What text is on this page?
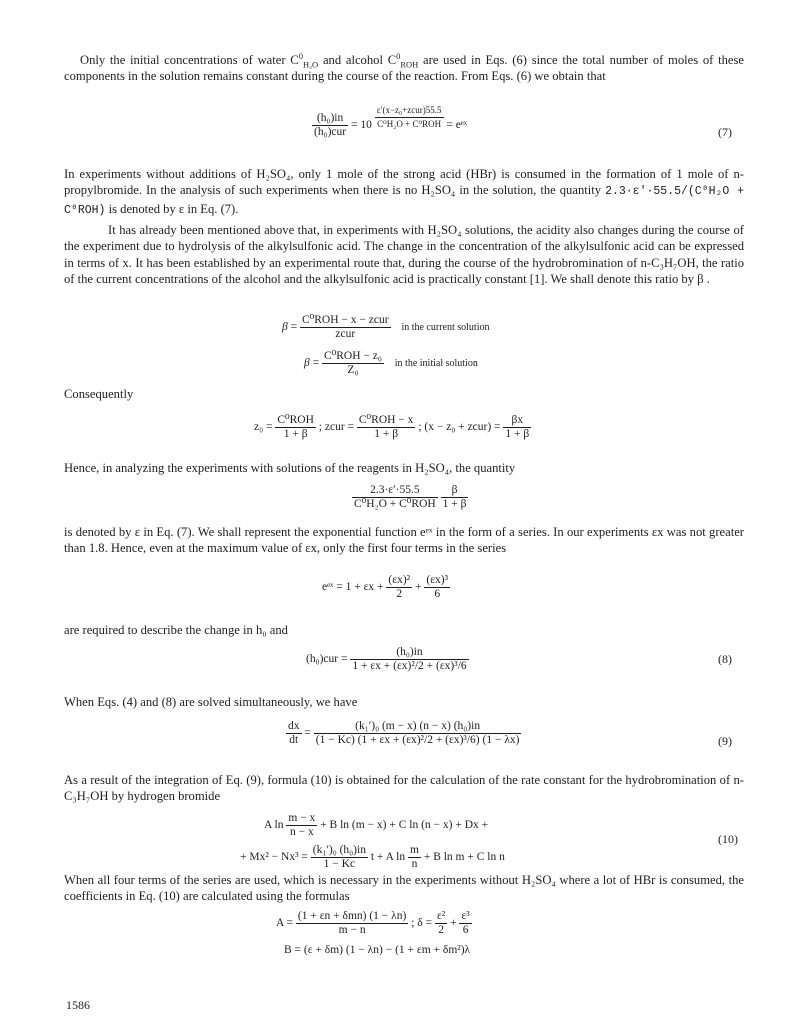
Only the initial concentrations of water $C^0_{H_2O}$ and alcohol $C^0_{ROH}$ are used in Eqs. (6) since the total number of moles of these components in the solution remains constant during the course of the reaction. From Eqs. (6) we obtain that
$\frac{\text{(h₀)in}}{\text{(h₀)cur}} = 10 \frac{\text{ε′(x−z₀+zcur)55.5}}{\text{C⁰H₂O + C⁰ROH}}$ = eᵉˣ	(7)
In experiments without additions of H₂SO₄, only 1 mole of the strong acid (HBr) is consumed in the formation of 1 mole of n-propylbromide. In the analysis of such experiments when there is no H₂SO₄ in the solution, the quantity 2.3·ε′·55.5/(C⁰H₂O + C⁰ROH) is denoted by ε in Eq. (7).
It has already been mentioned above that, in experiments with H₂SO₄ solutions, the acidity also changes during the course of the experiment due to hydrolysis of the alkylsulfonic acid. The change in the concentration of the alkylsulfonic acid can be expressed in terms of x. It has been established by an experimental route that, during the course of the hydrobromination of n-C₃H₇OH, the ratio of the current concentrations of the alcohol and the alkylsulfonic acid is practically constant [1]. We shall denote this ratio by β .
$\beta = \frac{\text{C⁰ROH − x − zcur}}{\text{zcur}}$ in the current solution
$\beta = \frac{\text{C⁰ROH − z₀}}{\text{Z₀}}$ in the initial solution
Consequently
$z_0 = \frac{\text{C⁰ROH}}{1 + \beta}$ ; zcur = $\frac{\text{C⁰ROH − x}}{1 + \beta}$ ; (x − z₀ + zcur) = $\frac{\beta x}{1 + \beta}$
Hence, in analyzing the experiments with solutions of the reagents in H₂SO₄, the quantity
$\frac{2.3\cdot\varepsilon'\cdot 55.5}{\text{C⁰H₂O + C⁰ROH}}$
$\frac{\beta}{1 + \beta}$
is denoted by ε in Eq. (7). We shall represent the exponential function eᵉˣ in the form of a series. In our experiments εx was not greater than 1.8. Hence, even at the maximum value of εx, only the first four terms in the series
eᵉˣ = $1 + \varepsilon x + \frac{\text{(εx)²}}{2} + \frac{\text{(εx)³}}{6}$
are required to describe the change in h₀ and
$(h_0)cur = \frac{\text{(h₀)in}}{\text{1 + εx + (εx)²/2 + (εx)³/6}}$	(8)
When Eqs. (4) and (8) are solved simultaneously, we have
$\frac{dx}{dt} = \frac{\text{(k₁′)₀ (m − x) (n − x) (h₀)in}}{\text{(1 − Kc) (1 + εx + (εx)²/2 + (εx)³/6) (1 − λx)}}$	(9)
As a result of the integration of Eq. (9), formula (10) is obtained for the calculation of the rate constant for the hydrobromination of n-C₃H₇OH by hydrogen bromide
A $\ln \frac{m - x}{n - x} + B$ ln (m − x) + C ln (n − x) + Dx +
+ $Mx^2 - Nx^3 = \frac{\text{(k₁′)₀ (h₀)in}}{1 - Kc}$ t + A $\ln \frac{m}{n} + B$ ln m + C ln n
(10)
When all four terms of the series are used, which is necessary in the experiments without H₂SO₄ where a lot of HBr is consumed, the coefficients in Eq. (10) are calculated using the formulas
$A = \frac{\text{(1 + εn + δmn) (1 − λn)}}{m - n}$ ; $\delta = \frac{\text{ε²}}{2} + \frac{\text{ε³}}{6}$
B = (ε + δm) (1 − λn) − (1 + εm + δm²)λ
1586
